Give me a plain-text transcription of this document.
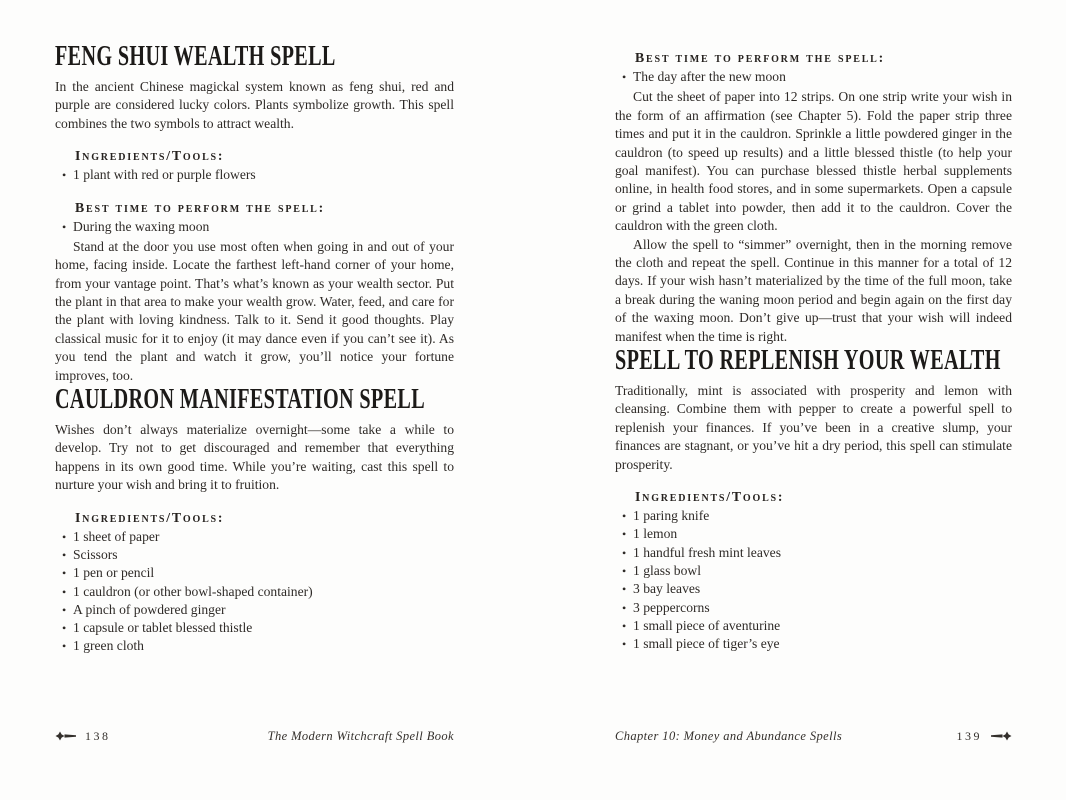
FENG SHUI WEALTH SPELL

In the ancient Chinese magickal system known as feng shui, red and purple are considered lucky colors. Plants symbolize growth. This spell combines the two symbols to attract wealth.

Ingredients/Tools:
• 1 plant with red or purple flowers
Best time to perform the spell:
• During the waxing moon

Stand at the door you use most often when going in and out of your home, facing inside. Locate the farthest left-hand corner of your home, from your vantage point. That’s what’s known as your wealth sector. Put the plant in that area to make your wealth grow. Water, feed, and care for the plant with loving kindness. Talk to it. Send it good thoughts. Play classical music for it to enjoy (it may dance even if you can’t see it). As you tend the plant and watch it grow, you’ll notice your fortune improves, too.

CAULDRON MANIFESTATION SPELL

Wishes don’t always materialize overnight—some take a while to develop. Try not to get discouraged and remember that everything happens in its own good time. While you’re waiting, cast this spell to nurture your wish and bring it to fruition.

Ingredients/Tools:
• 1 sheet of paper
• Scissors
• 1 pen or pencil
• 1 cauldron (or other bowl-shaped container)
• A pinch of powdered ginger
• 1 capsule or tablet blessed thistle
• 1 green cloth
Best time to perform the spell:
• The day after the new moon

Cut the sheet of paper into 12 strips. On one strip write your wish in the form of an affirmation (see Chapter 5). Fold the paper strip three times and put it in the cauldron. Sprinkle a little powdered ginger in the cauldron (to speed up results) and a little blessed thistle (to help your goal manifest). You can purchase blessed thistle herbal supplements online, in health food stores, and in some supermarkets. Open a capsule or grind a tablet into powder, then add it to the cauldron. Cover the cauldron with the green cloth.

Allow the spell to “simmer” overnight, then in the morning remove the cloth and repeat the spell. Continue in this manner for a total of 12 days. If your wish hasn’t materialized by the time of the full moon, take a break during the waning moon period and begin again on the first day of the waxing moon. Don’t give up—trust that your wish will indeed manifest when the time is right.

SPELL TO REPLENISH YOUR WEALTH

Traditionally, mint is associated with prosperity and lemon with cleansing. Combine them with pepper to create a powerful spell to replenish your finances. If you’ve been in a creative slump, your finances are stagnant, or you’ve hit a dry period, this spell can stimulate prosperity.

Ingredients/Tools:
• 1 paring knife
• 1 lemon
• 1 handful fresh mint leaves
• 1 glass bowl
• 3 bay leaves
• 3 peppercorns
• 1 small piece of aventurine
• 1 small piece of tiger’s eye
138	The Modern Witchcraft Spell Book	Chapter 10: Money and Abundance Spells	139
